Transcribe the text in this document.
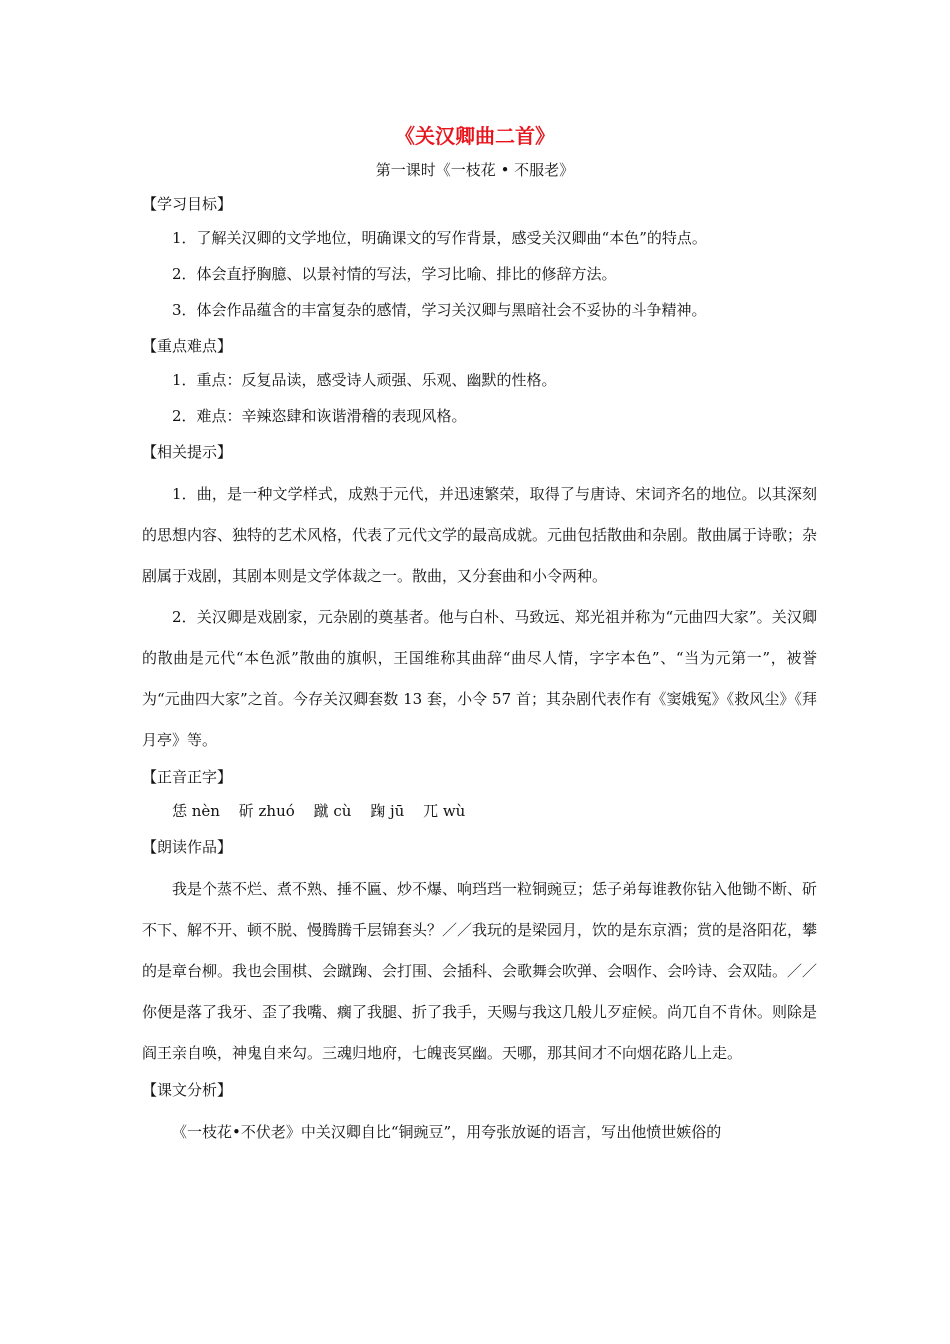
《关汉卿曲二首》
第一课时《一枝花 • 不服老》
【学习目标】

1．了解关汉卿的文学地位，明确课文的写作背景，感受关汉卿曲“本色”的特点。

2．体会直抒胸臆、以景衬情的写法，学习比喻、排比的修辞方法。

3．体会作品蕴含的丰富复杂的感情，学习关汉卿与黑暗社会不妥协的斗争精神。

【重点难点】

1．重点：反复品读，感受诗人顽强、乐观、幽默的性格。

2．难点：辛辣恣肆和诙谐滑稽的表现风格。

【相关提示】

1．曲，是一种文学样式，成熟于元代，并迅速繁荣，取得了与唐诗、宋词齐名的地位。以其深刻的思想内容、独特的艺术风格，代表了元代文学的最高成就。元曲包括散曲和杂剧。散曲属于诗歌；杂剧属于戏剧，其剧本则是文学体裁之一。散曲，又分套曲和小令两种。

2．关汉卿是戏剧家，元杂剧的奠基者。他与白朴、马致远、郑光祖并称为“元曲四大家”。关汉卿的散曲是元代“本色派”散曲的旗帜，王国维称其曲辞“曲尽人情，字字本色”、“当为元第一”，被誉为“元曲四大家”之首。今存关汉卿套数 13 套，小令 57 首；其杂剧代表作有《窦娥冤》《救风尘》《拜月亭》等。

【正音正字】
恁 nèn 斫 zhuó 蹴 cù 踘 jū 兀 wù
【朗读作品】

我是个蒸不烂、煮不熟、捶不匾、炒不爆、响珰珰一粒铜豌豆；恁子弟每谁教你钻入他锄不断、斫不下、解不开、顿不脱、慢腾腾千层锦套头？／／我玩的是梁园月，饮的是东京酒；赏的是洛阳花，攀的是章台柳。我也会围棋、会蹴踘、会打围、会插科、会歌舞会吹弹、会咽作、会吟诗、会双陆。／／你便是落了我牙、歪了我嘴、瘸了我腿、折了我手，天赐与我这几般儿歹症候。尚兀自不肯休。则除是阎王亲自唤，神鬼自来勾。三魂归地府，七魄丧冥幽。天哪，那其间才不向烟花路儿上走。

【课文分析】

《一枝花•不伏老》中关汉卿自比“铜豌豆”，用夸张放诞的语言，写出他愤世嫉俗的
